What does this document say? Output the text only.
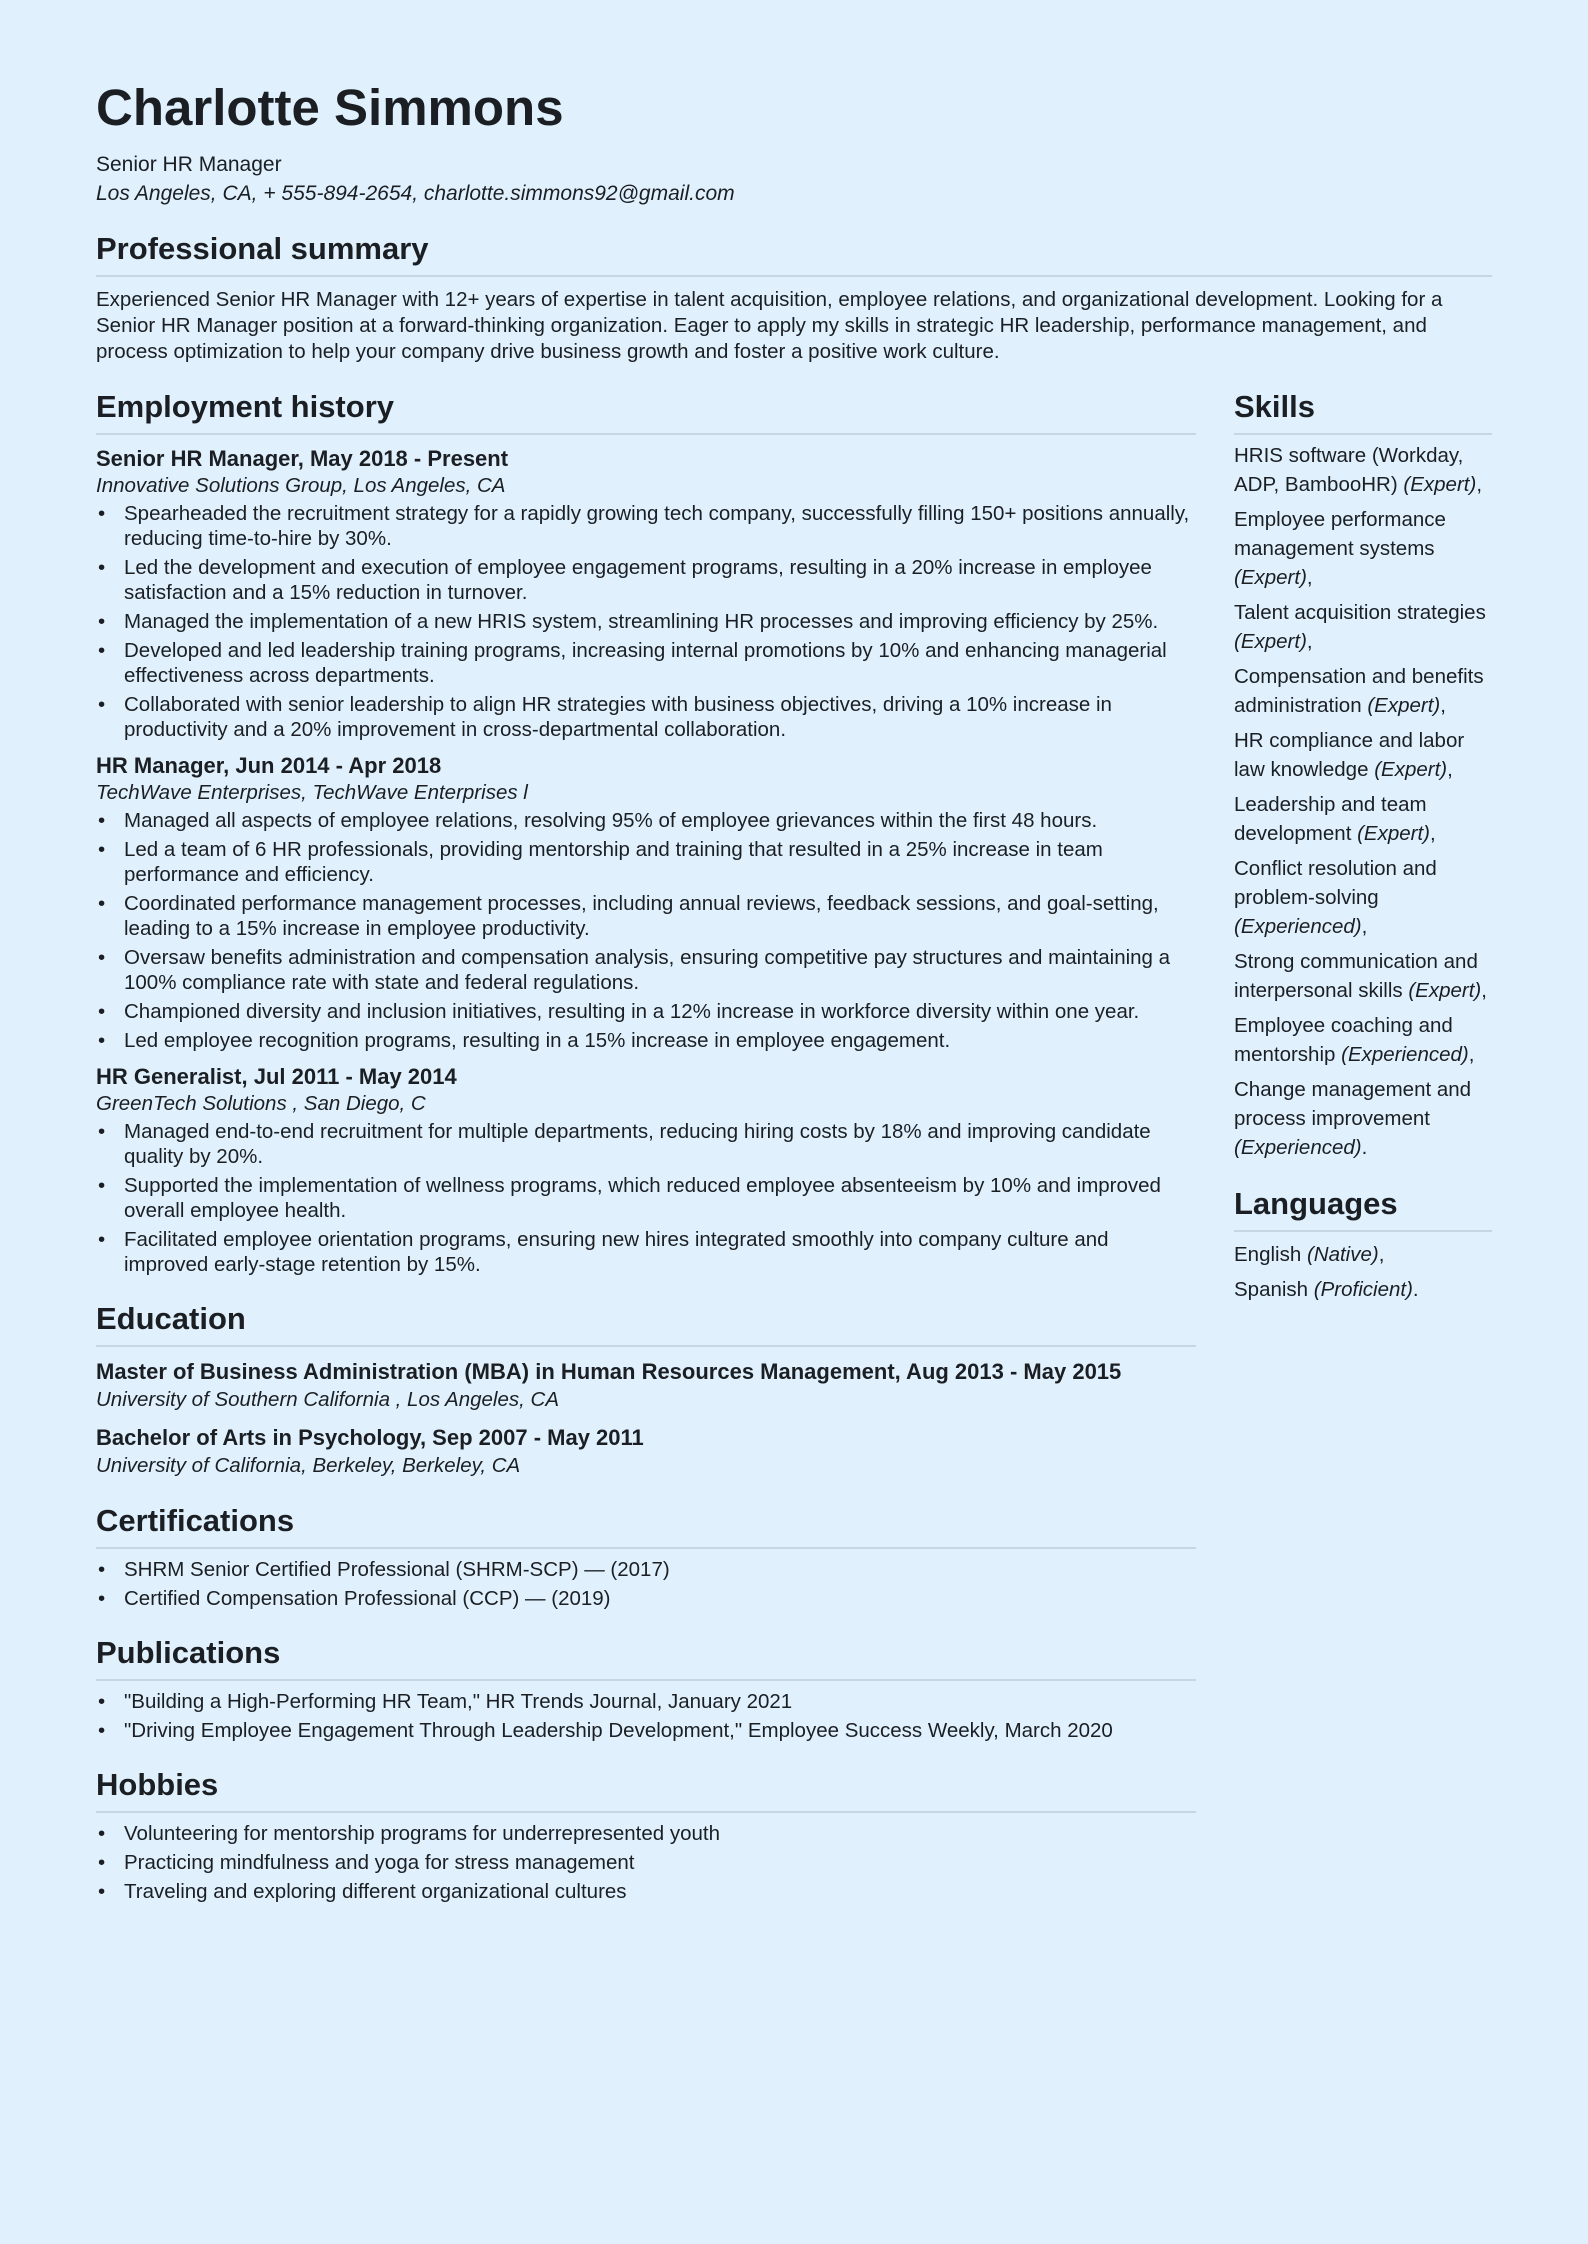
Charlotte Simmons
Senior HR Manager
Los Angeles, CA, + 555-894-2654, charlotte.simmons92@gmail.com
Professional summary
Experienced Senior HR Manager with 12+ years of expertise in talent acquisition, employee relations, and organizational development. Looking for a Senior HR Manager position at a forward-thinking organization. Eager to apply my skills in strategic HR leadership, performance management, and process optimization to help your company drive business growth and foster a positive work culture.
Employment history
Senior HR Manager, May 2018 - Present
Innovative Solutions Group, Los Angeles, CA
• Spearheaded the recruitment strategy for a rapidly growing tech company, successfully filling 150+ positions annually, reducing time-to-hire by 30%.
• Led the development and execution of employee engagement programs, resulting in a 20% increase in employee satisfaction and a 15% reduction in turnover.
• Managed the implementation of a new HRIS system, streamlining HR processes and improving efficiency by 25%.
• Developed and led leadership training programs, increasing internal promotions by 10% and enhancing managerial effectiveness across departments.
• Collaborated with senior leadership to align HR strategies with business objectives, driving a 10% increase in productivity and a 20% improvement in cross-departmental collaboration.
HR Manager, Jun 2014 - Apr 2018
TechWave Enterprises, TechWave Enterprises l
• Managed all aspects of employee relations, resolving 95% of employee grievances within the first 48 hours.
• Led a team of 6 HR professionals, providing mentorship and training that resulted in a 25% increase in team performance and efficiency.
• Coordinated performance management processes, including annual reviews, feedback sessions, and goal-setting, leading to a 15% increase in employee productivity.
• Oversaw benefits administration and compensation analysis, ensuring competitive pay structures and maintaining a 100% compliance rate with state and federal regulations.
• Championed diversity and inclusion initiatives, resulting in a 12% increase in workforce diversity within one year.
• Led employee recognition programs, resulting in a 15% increase in employee engagement.
HR Generalist, Jul 2011 - May 2014
GreenTech Solutions , San Diego, C
• Managed end-to-end recruitment for multiple departments, reducing hiring costs by 18% and improving candidate quality by 20%.
• Supported the implementation of wellness programs, which reduced employee absenteeism by 10% and improved overall employee health.
• Facilitated employee orientation programs, ensuring new hires integrated smoothly into company culture and improved early-stage retention by 15%.
Education
Master of Business Administration (MBA) in Human Resources Management, Aug 2013 - May 2015
University of Southern California , Los Angeles, CA
Bachelor of Arts in Psychology, Sep 2007 - May 2011
University of California, Berkeley, Berkeley, CA
Certifications
• SHRM Senior Certified Professional (SHRM-SCP) — (2017)
• Certified Compensation Professional (CCP) — (2019)
Publications
• "Building a High-Performing HR Team," HR Trends Journal, January 2021
• "Driving Employee Engagement Through Leadership Development," Employee Success Weekly, March 2020
Hobbies
• Volunteering for mentorship programs for underrepresented youth
• Practicing mindfulness and yoga for stress management
• Traveling and exploring different organizational cultures
Skills
HRIS software (Workday, ADP, BambooHR) (Expert),
Employee performance management systems (Expert),
Talent acquisition strategies (Expert),
Compensation and benefits administration (Expert),
HR compliance and labor law knowledge (Expert),
Leadership and team development (Expert),
Conflict resolution and problem-solving (Experienced),
Strong communication and interpersonal skills (Expert),
Employee coaching and mentorship (Experienced),
Change management and process improvement (Experienced).
Languages
English (Native),
Spanish (Proficient).
